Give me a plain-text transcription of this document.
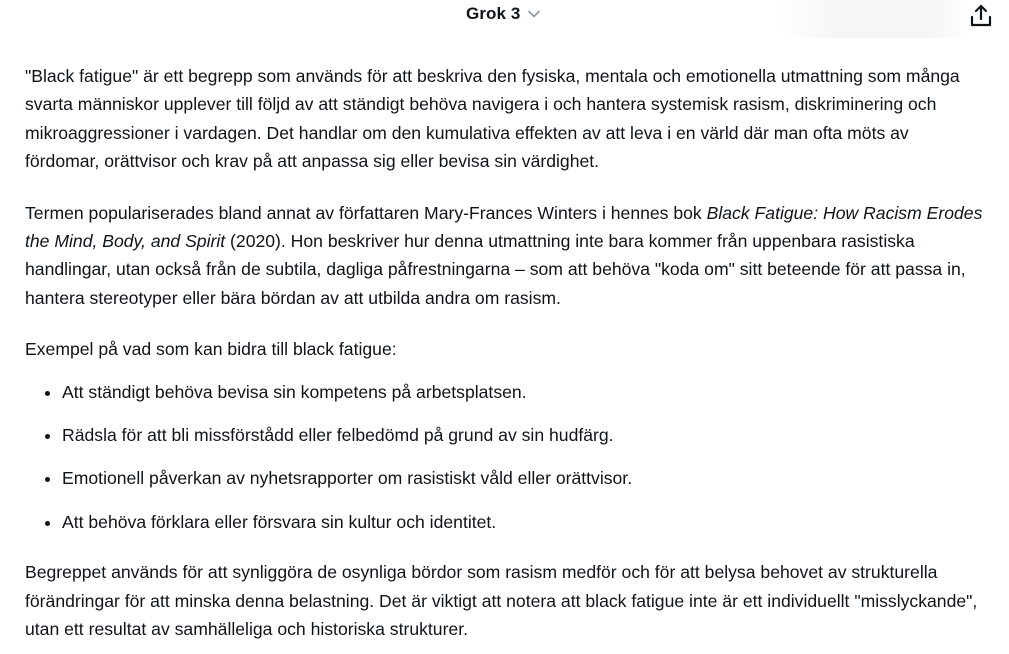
Grok 3

"Black fatigue" är ett begrepp som används för att beskriva den fysiska, mentala och emotionella utmattning som många svarta människor upplever till följd av att ständigt behöva navigera i och hantera systemisk rasism, diskriminering och mikroaggressioner i vardagen. Det handlar om den kumulativa effekten av att leva i en värld där man ofta möts av fördomar, orättvisor och krav på att anpassa sig eller bevisa sin värdighet.

Termen populariserades bland annat av författaren Mary-Frances Winters i hennes bok Black Fatigue: How Racism Erodes the Mind, Body, and Spirit (2020). Hon beskriver hur denna utmattning inte bara kommer från uppenbara rasistiska handlingar, utan också från de subtila, dagliga påfrestningarna – som att behöva "koda om" sitt beteende för att passa in, hantera stereotyper eller bära bördan av att utbilda andra om rasism.

Exempel på vad som kan bidra till black fatigue:

• Att ständigt behöva bevisa sin kompetens på arbetsplatsen.
• Rädsla för att bli missförstådd eller felbedömd på grund av sin hudfärg.
• Emotionell påverkan av nyhetsrapporter om rasistiskt våld eller orättvisor.
• Att behöva förklara eller försvara sin kultur och identitet.

Begreppet används för att synliggöra de osynliga bördor som rasism medför och för att belysa behovet av strukturella förändringar för att minska denna belastning. Det är viktigt att notera att black fatigue inte är ett individuellt "misslyckande", utan ett resultat av samhälleliga och historiska strukturer.
